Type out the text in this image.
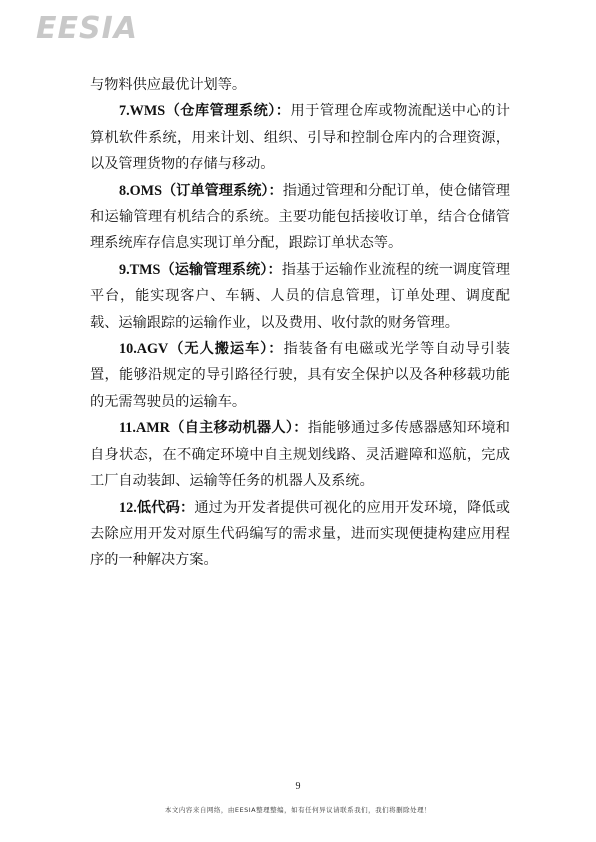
EESIA

与物料供应最优计划等。

7.WMS（仓库管理系统）：用于管理仓库或物流配送中心的计算机软件系统，用来计划、组织、引导和控制仓库内的合理资源，以及管理货物的存储与移动。

8.OMS（订单管理系统）：指通过管理和分配订单，使仓储管理和运输管理有机结合的系统。主要功能包括接收订单，结合仓储管理系统库存信息实现订单分配，跟踪订单状态等。

9.TMS（运输管理系统）：指基于运输作业流程的统一调度管理平台，能实现客户、车辆、人员的信息管理，订单处理、调度配载、运输跟踪的运输作业，以及费用、收付款的财务管理。

10.AGV（无人搬运车）：指装备有电磁或光学等自动导引装置，能够沿规定的导引路径行驶，具有安全保护以及各种移载功能的无需驾驶员的运输车。

11.AMR（自主移动机器人）：指能够通过多传感器感知环境和自身状态，在不确定环境中自主规划线路、灵活避障和巡航，完成工厂自动装卸、运输等任务的机器人及系统。

12.低代码：通过为开发者提供可视化的应用开发环境，降低或去除应用开发对原生代码编写的需求量，进而实现便捷构建应用程序的一种解决方案。

9
本文内容来自网络，由EESIA整理整编，如有任何异议请联系我们，我们将删除处理！
